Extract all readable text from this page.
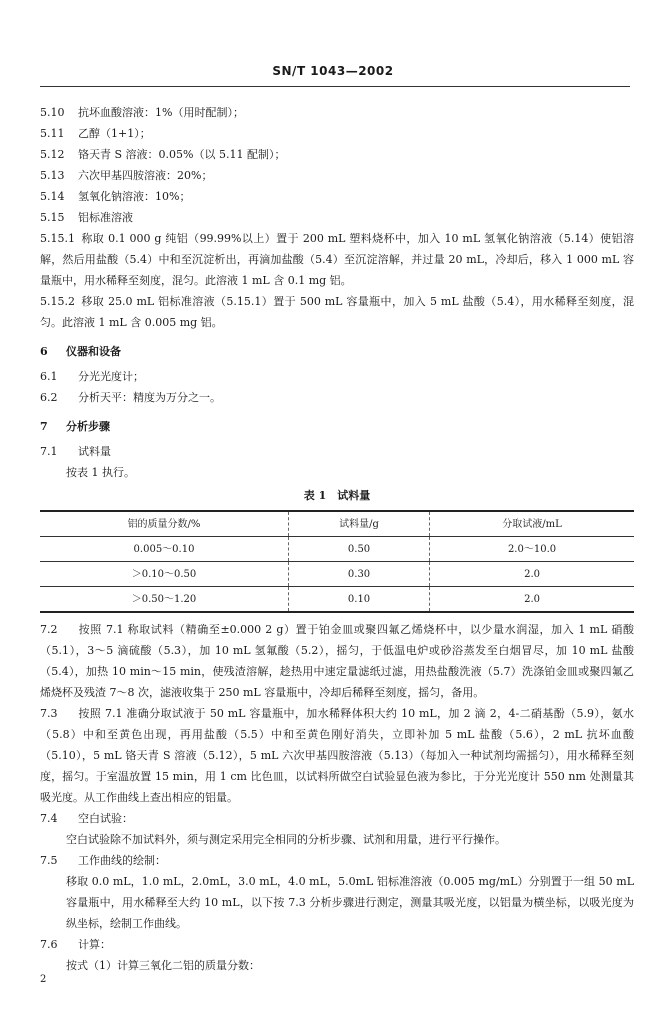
SN/T 1043—2002
5.10 抗坏血酸溶液：1%（用时配制）；
5.11 乙醇（1+1）；
5.12 铬天青 S 溶液：0.05%（以 5.11 配制）；
5.13 六次甲基四胺溶液：20%；
5.14 氢氧化钠溶液：10%；
5.15 铝标准溶液
5.15.1 称取 0.1 000 g 纯铝（99.99%以上）置于 200 mL 塑料烧杯中，加入 10 mL 氢氧化钠溶液（5.14）使铝溶解，然后用盐酸（5.4）中和至沉淀析出，再滴加盐酸（5.4）至沉淀溶解，并过量 20 mL，冷却后，移入 1 000 mL 容量瓶中，用水稀释至刻度，混匀。此溶液 1 mL 含 0.1 mg 铝。
5.15.2 移取 25.0 mL 铝标准溶液（5.15.1）置于 500 mL 容量瓶中，加入 5 mL 盐酸（5.4），用水稀释至刻度，混匀。此溶液 1 mL 含 0.005 mg 铝。
6 仪器和设备
6.1 分光光度计；
6.2 分析天平：精度为万分之一。
7 分析步骤
7.1 试料量
按表 1 执行。
表 1　试料量
铝的质量分数/%	试料量/g	分取试液/mL
0.005～0.10	0.50	2.0～10.0
＞0.10～0.50	0.30	2.0
＞0.50～1.20	0.10	2.0
7.2 按照 7.1 称取试料（精确至±0.000 2 g）置于铂金皿或聚四氟乙烯烧杯中，以少量水润湿，加入 1 mL 硝酸（5.1），3～5 滴硫酸（5.3），加 10 mL 氢氟酸（5.2），摇匀，于低温电炉或砂浴蒸发至白烟冒尽，加 10 mL 盐酸（5.4），加热 10 min～15 min，使残渣溶解，趁热用中速定量滤纸过滤，用热盐酸洗液（5.7）洗涤铂金皿或聚四氟乙烯烧杯及残渣 7～8 次，滤液收集于 250 mL 容量瓶中，冷却后稀释至刻度，摇匀，备用。
7.3 按照 7.1 准确分取试液于 50 mL 容量瓶中，加水稀释体积大约 10 mL，加 2 滴 2，4-二硝基酚（5.9），氨水（5.8）中和至黄色出现，再用盐酸（5.5）中和至黄色刚好消失，立即补加 5 mL 盐酸（5.6），2 mL 抗坏血酸（5.10），5 mL 铬天青 S 溶液（5.12），5 mL 六次甲基四胺溶液（5.13）（每加入一种试剂均需摇匀），用水稀释至刻度，摇匀。于室温放置 15 min，用 1 cm 比色皿，以试料所做空白试验显色液为参比，于分光光度计 550 nm 处测量其吸光度。从工作曲线上查出相应的铝量。
7.4 空白试验：
空白试验除不加试料外，须与测定采用完全相同的分析步骤、试剂和用量，进行平行操作。
7.5 工作曲线的绘制：
移取 0.0 mL，1.0 mL，2.0mL，3.0 mL，4.0 mL，5.0mL 铝标准溶液（0.005 mg/mL）分别置于一组 50 mL 容量瓶中，用水稀释至大约 10 mL，以下按 7.3 分析步骤进行测定，测量其吸光度，以铝量为横坐标，以吸光度为纵坐标，绘制工作曲线。
7.6 计算：
按式（1）计算三氧化二铝的质量分数：
2
